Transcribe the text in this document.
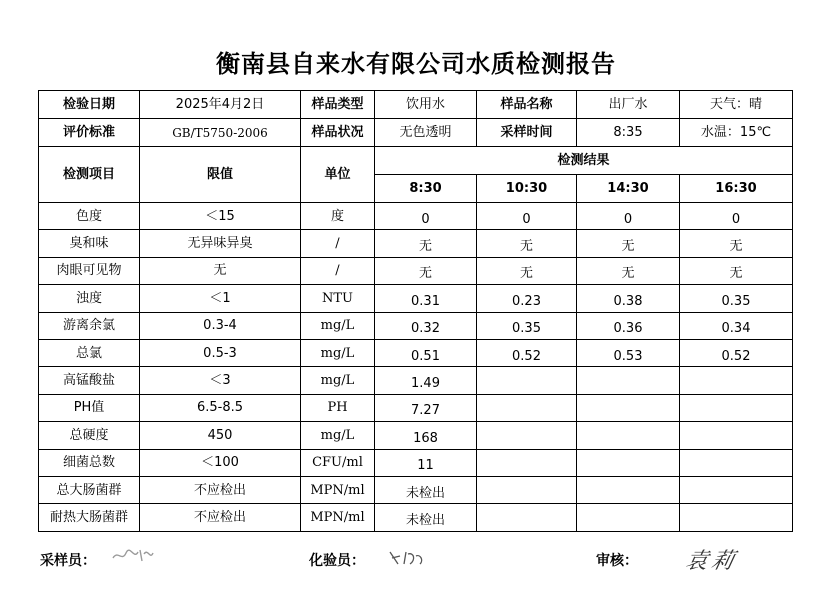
衡南县自来水有限公司水质检测报告
检验日期	2025年4月2日	样品类型	饮用水	样品名称	出厂水	天气：晴
评价标准	GB/T5750-2006	样品状况	无色透明	采样时间	8:35	水温：15℃
检测项目	限值	单位	检测结果			
			8:30	10:30	14:30	16:30
色度	＜15	度	0	0	0	0
臭和味	无异味异臭	/	无	无	无	无
肉眼可见物	无	/	无	无	无	无
浊度	＜1	NTU	0.31	0.23	0.38	0.35
游离余氯	0.3-4	mg/L	0.32	0.35	0.36	0.34
总氯	0.5-3	mg/L	0.51	0.52	0.53	0.52
高锰酸盐	＜3	mg/L	1.49			
PH值	6.5-8.5	PH	7.27			
总硬度	450	mg/L	168			
细菌总数	＜100	CFU/ml	11			
总大肠菌群	不应检出	MPN/ml	未检出			
耐热大肠菌群	不应检出	MPN/ml	未检出			
采样员：	化验员：	审核： 袁莉
